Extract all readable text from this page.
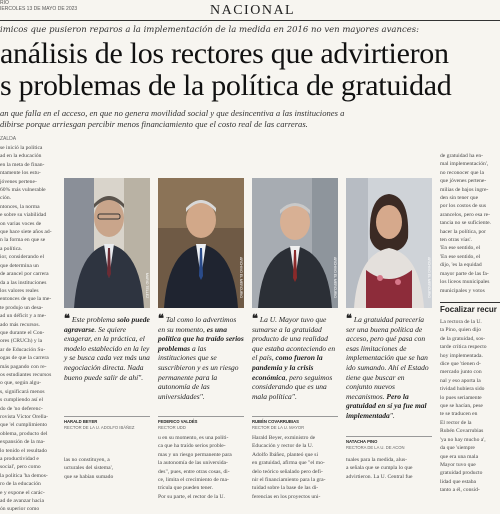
RIO
IERCOLES 13 DE MAYO DE 2023	NACIONAL
imicos que pusieron reparos a la implementación de la medida en 2016 no ven mayores avances:
análisis de los rectores que advirtieron
s problemas de la política de gratuidad
an que falla en el acceso, en que no genera movilidad social y que desincentiva a las instituciones a
dibirse porque arriesgan percibir menos financiamiento que el costo real de las carreras.
ZALDA
se inició la política
ad en la educación
en la meta de finan-
ntamente los estu-
jóvenes pertene-
60% más vulnerable
ción.
ntonces, la norma
e sobre su viabilidad
on varias voces de
que hace siete años ad-
n la forma en que se
a política.
ior, considerando el
que determina un
de arancel por carrera
da a las instituciones
los valores reales
entonces de que la me-
te produjo un desa-
ad un déficit y a me-
ado más recursos.
que durante el Con-
ores (CRUCh) y la
ar de Educación Su-
ogas de que la carrera
más pagando con re-
os estudiantes recursos
o que, según algu-
s, significará menos
s cumpliendo así el
do de 'no deferenc-
rovista Víctor Orella-
que 'el cumplimiento
oblema, producto del
expansión de la ma-
lo tenido el resultado
a productividad e
social', pero como
la política 'ha demos-
ro de la educación
e y expone el carác-
ad de avanzar hacia
ón superior como
de gratuidad ha en-
mal implementación',
no reconocer que la
que jóvenes pertene-
milias de bajos ingre-
den sin tener que
por los costos de sus
arancelos, pero esa re-
tancia no se suficiente.
hacer la política, por
ten otras vías'.
'En ese sentido, el
'En ese sentido, el
dijo, 'es la equidad
mayor parte de las fa-
los liceos municipales
municipales y votos
Focalizar recur
La rectora de la U.
ta Pino, quien dijo
de la gratuidad, sos-
tarde crítica respecto
hoy implementada.
dice que 'tienen d-
mercado junto con
nal y eso aporta la
tividad hubiera sido
lo pues seriamente
que se hacían, pese
te se traducen en
El rector de la
Rubén Covarrubias
'ya no hay mucho a',
da que 'siempre
que era una mala
Mayor tuvo que
gratuidad producto
lidad que estaba
tanto a él, consid-
MARIO TELLEZ	ARCHIVO EL MERCURIO	ARCHIVO EL MERCURIO	ARCHIVO EL MERCURIO
❝ Este problema solo puede agravarse. Se quiere exagerar, en la práctica, el modelo establecido en la ley y se busca cada vez más una negociación directa. Nada bueno puede salir de ahí".
❝ Tal como lo advertimos en su momento, es una política que ha traído serios problemas a las instituciones que se suscribieron y es un riesgo permanente para la autonomía de las universidades".
❝ La U. Mayor tuvo que sumarse a la gratuidad producto de una realidad que estaba aconteciendo en el país, como fueron la pandemia y la crisis económica, pero seguimos considerando que es una mala política".
❝ La gratuidad parecería ser una buena política de acceso, pero qué pasa con esas limitaciones de implementación que se han ido sumando. Ahí el Estado tiene que buscar en conjunto nuevos mecanismos. Pero la gratuidad en sí ya fue mal implementada".
HARALD BEYER
RECTOR DE LA U. ADOLFO IBÁÑEZ
FEDERICO VALDÉS
RECTOR UDD
RUBÉN COVARRUBIAS
RECTOR DE LA U. MAYOR
NATACHA PINO
RECTORA DE LA U. DE ACON
las no constituyen, a
ucturales del sistema',
que se habían sumado
u en su momento, es una políti-
ca que ha traído serios proble-
mas y un riesgo permanente para
la autonomía de las universida-
des", pues, entre otras cosas, di-
ce, limita el crecimiento de ma-
trícula que pueden tener.
Por su parte, el rector de la U.
Harald Beyer, exministro de
Educación y rector de la U.
Adolfo Ibáñez, planteó que si
en gratuidad, afirma que "el mo-
delo teórico señalado pero defi-
nir el financiamiento para la gra-
tuidad sobre la base de las di-
ferencias en los proyectos uni-
tuales para la medida, alus-
a señala que se cumpla lo que
advirtieron. La U. Central fue
